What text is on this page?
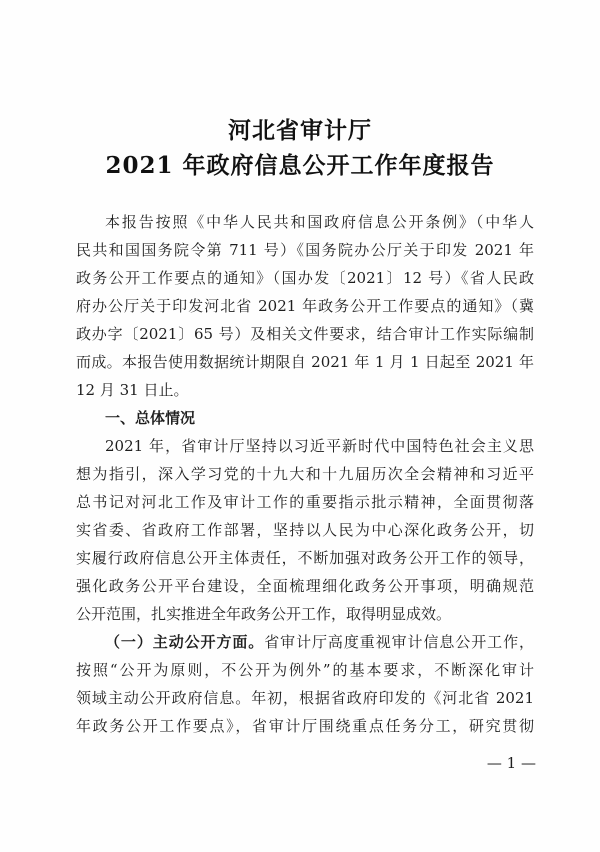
河北省审计厅
2021 年政府信息公开工作年度报告
本报告按照《中华人民共和国政府信息公开条例》（中华人
民共和国国务院令第 711 号）《国务院办公厅关于印发 2021 年
政务公开工作要点的通知》（国办发〔2021〕12 号）《省人民政
府办公厅关于印发河北省 2021 年政务公开工作要点的通知》（冀
政办字〔2021〕65 号）及相关文件要求，结合审计工作实际编制
而成。本报告使用数据统计期限自 2021 年 1 月 1 日起至 2021 年
12 月 31 日止。
一、总体情况
2021 年，省审计厅坚持以习近平新时代中国特色社会主义思
想为指引，深入学习党的十九大和十九届历次全会精神和习近平
总书记对河北工作及审计工作的重要指示批示精神，全面贯彻落
实省委、省政府工作部署，坚持以人民为中心深化政务公开，切
实履行政府信息公开主体责任，不断加强对政务公开工作的领导，
强化政务公开平台建设，全面梳理细化政务公开事项，明确规范
公开范围，扎实推进全年政务公开工作，取得明显成效。
（一）主动公开方面。省审计厅高度重视审计信息公开工作，
按照“公开为原则，不公开为例外”的基本要求，不断深化审计
领域主动公开政府信息。年初，根据省政府印发的《河北省 2021
年政务公开工作要点》，省审计厅围绕重点任务分工，研究贯彻
— 1 —
